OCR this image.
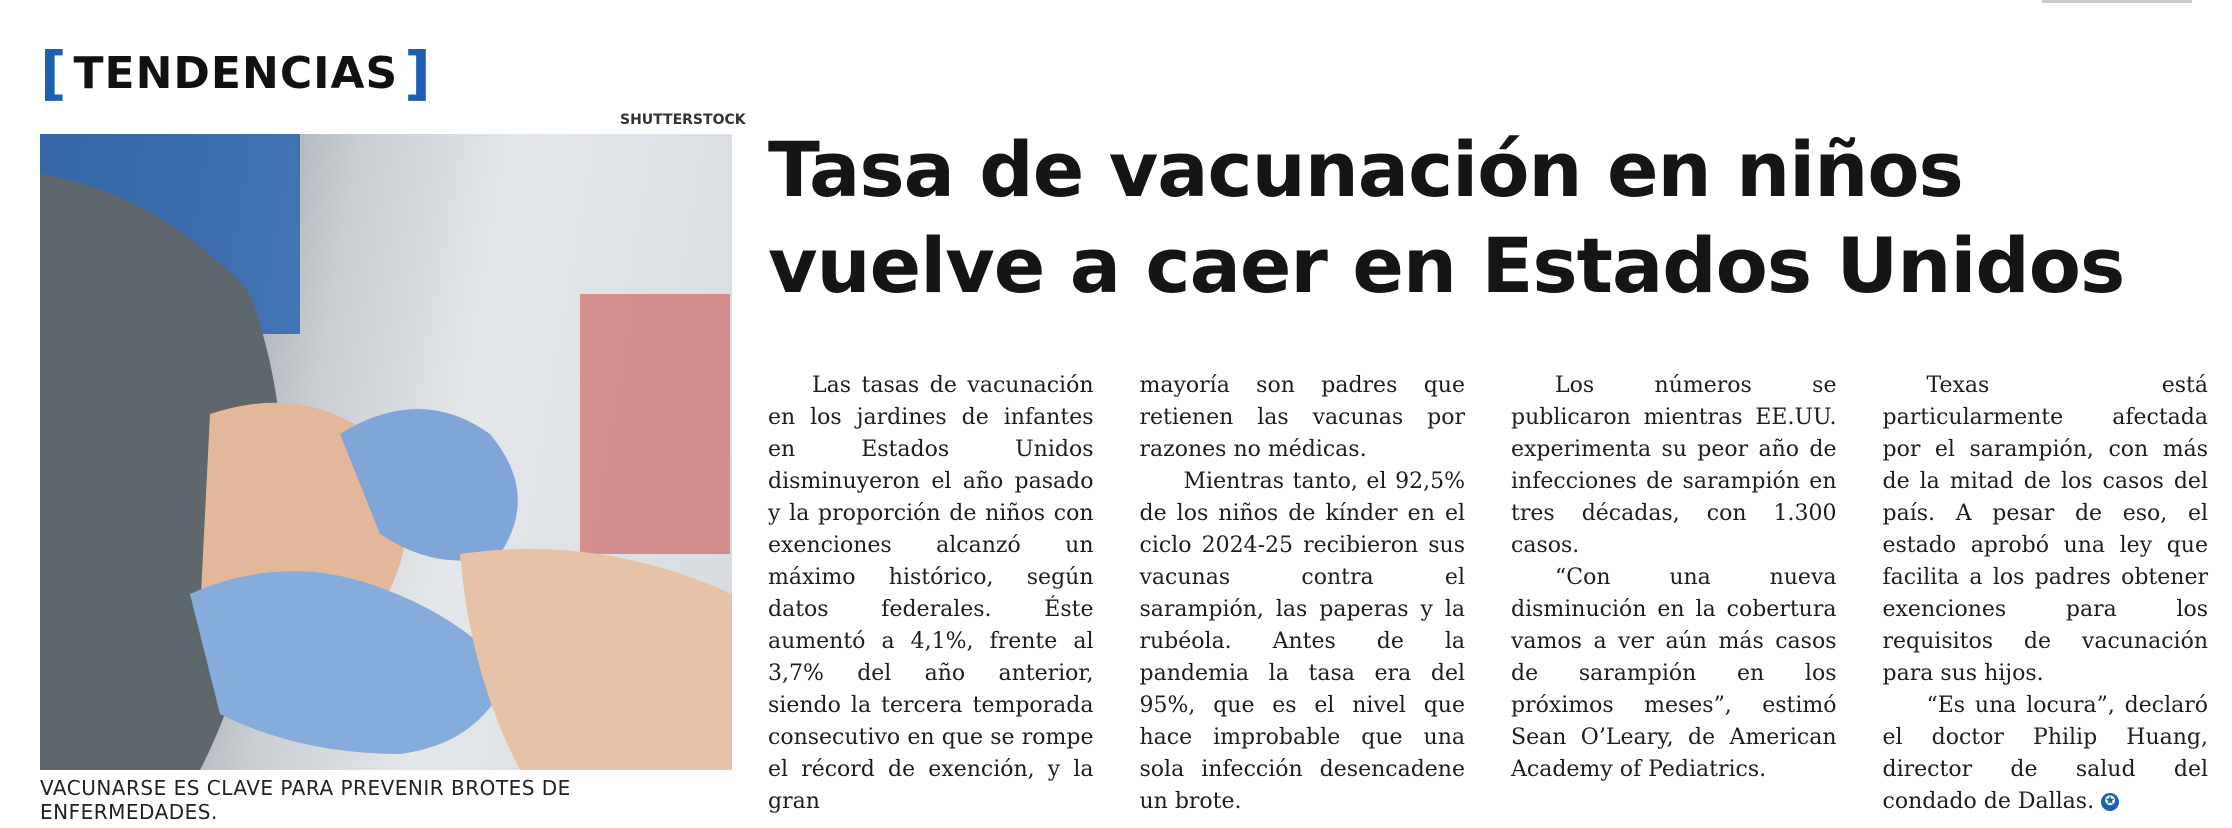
[ TENDENCIAS ]
SHUTTERSTOCK
VACUNARSE ES CLAVE PARA PREVENIR BROTES DE ENFERMEDADES.
Tasa de vacunación en niños
vuelve a caer en Estados Unidos

Las tasas de vacunación en los jardines de infantes en Estados Unidos disminuyeron el año pasado y la proporción de niños con exenciones alcanzó un máximo histórico, según datos federales. Éste aumentó a 4,1%, frente al 3,7% del año anterior, siendo la tercera temporada consecutivo en que se rompe el récord de exención, y la gran

mayoría son padres que retienen las vacunas por razones no médicas.

Mientras tanto, el 92,5% de los niños de kínder en el ciclo 2024-25 recibieron sus vacunas contra el sarampión, las paperas y la rubéola. Antes de la pandemia la tasa era del 95%, que es el nivel que hace improbable que una sola infección desencadene un brote.

Los números se publicaron mientras EE.UU. experimenta su peor año de infecciones de sarampión en tres décadas, con 1.300 casos.

“Con una nueva disminución en la cobertura vamos a ver aún más casos de sarampión en los próximos meses”, estimó Sean O’Leary, de American Academy of Pediatrics.

Texas está particularmente afectada por el sarampión, con más de la mitad de los casos del país. A pesar de eso, el estado aprobó una ley que facilita a los padres obtener exenciones para los requisitos de vacunación para sus hijos.

“Es una locura”, declaró el doctor Philip Huang, director de salud del condado de Dallas. ✪
